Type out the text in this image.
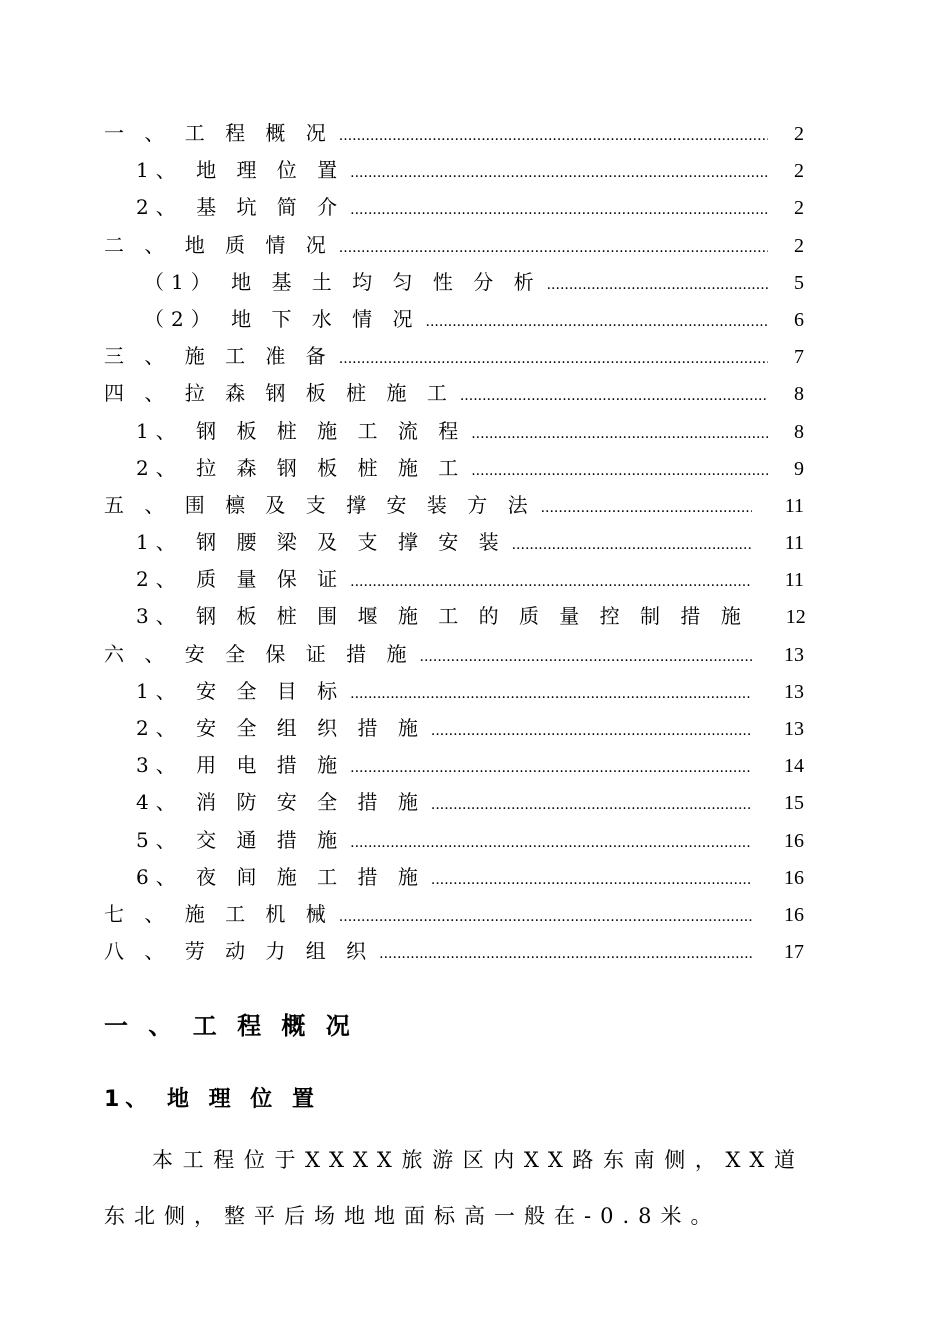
一 、 工 程 概 况 .....	2
1、 地 理 位 置 .....	2
2、 基 坑 简 介 .....	2
二 、 地 质 情 况 .....	2
（1） 地 基 土 均 匀 性 分 析 .....	5
（2） 地 下 水 情 况 .....	6
三 、 施 工 准 备 .....	7
四 、 拉 森 钢 板 桩 施 工 .....	8
1、 钢 板 桩 施 工 流 程 .....	8
2、 拉 森 钢 板 桩 施 工 .....	9
五 、 围 檩 及 支 撑 安 装 方 法 .....	11
1、 钢 腰 梁 及 支 撑 安 装 .....	11
2、 质 量 保 证 .....	11
3、 钢 板 桩 围 堰 施 工 的 质 量 控 制 措 施	12
六 、 安 全 保 证 措 施 .....	13
1、 安 全 目 标 .....	13
2、 安 全 组 织 措 施 .....	13
3、 用 电 措 施 .....	14
4、 消 防 安 全 措 施 .....	15
5、 交 通 措 施 .....	16
6、 夜 间 施 工 措 施 .....	16
七 、 施 工 机 械 .....	16
八 、 劳 动 力 组 织 .....	17
一 、 工 程 概 况
1、 地 理 位 置
本工程位于XXXX旅游区内XX路东南侧，XX道东北侧，整平后场地地面标高一般在-0.8米。
